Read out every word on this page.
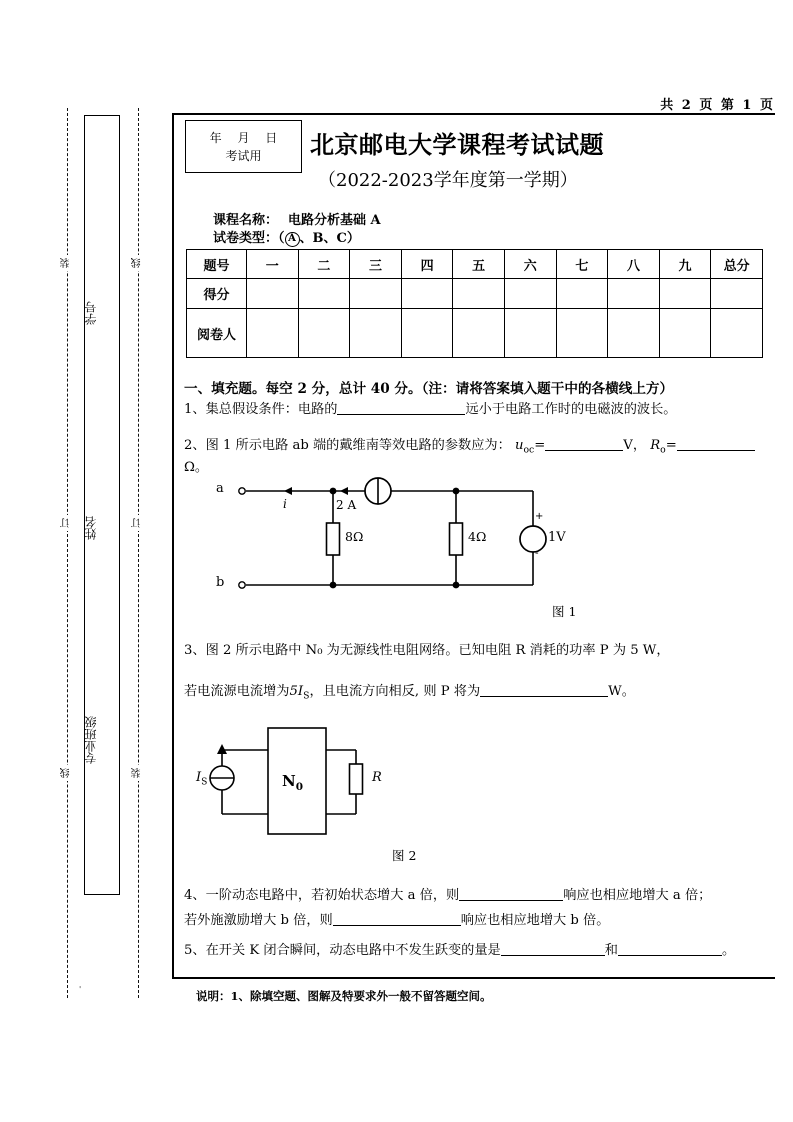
共 2 页 第 1 页
装
订
线
线
订
装
学号
姓名
专业班级
'
年 月 日
考试用 北京邮电大学课程考试试题
（2022-2023学年度第一学期）
课程名称： 电路分析基础 A
试卷类型：（ A 、B、C）
题号	一	二	三	四	五	六	七	八	九	总分
得分										
阅卷人										
一、填充题。每空 2 分，总计 40 分。（注：请将答案填入题干中的各横线上方）
1、集总假设条件：电路的	远小于电路工作时的电磁波的波长。
2、图 1 所示电路 ab 端的戴维南等效电路的参数应为： $u_{oc}=$	V， $R_o=\Omega$。
a
b
i	2 A
8Ω	4Ω	1V
+
-
图 1
3、图 2 所示电路中 N₀ 为无源线性电阻网络。已知电阻 R 消耗的功率 P 为 5 W，
若电流源电流增为$5I_S$，且电流方向相反, 则 P 将为	W。
$I_S$	$N_0$
R
图 2
4、一阶动态电路中，若初始状态增大 a 倍，则	响应也相应地增大 a 倍；
若外施激励增大 b 倍，则	响应也相应地增大 b 倍。
5、在开关 K 闭合瞬间，动态电路中不发生跃变的量是	和	。
说明：1、除填空题、图解及特要求外一般不留答题空间。
